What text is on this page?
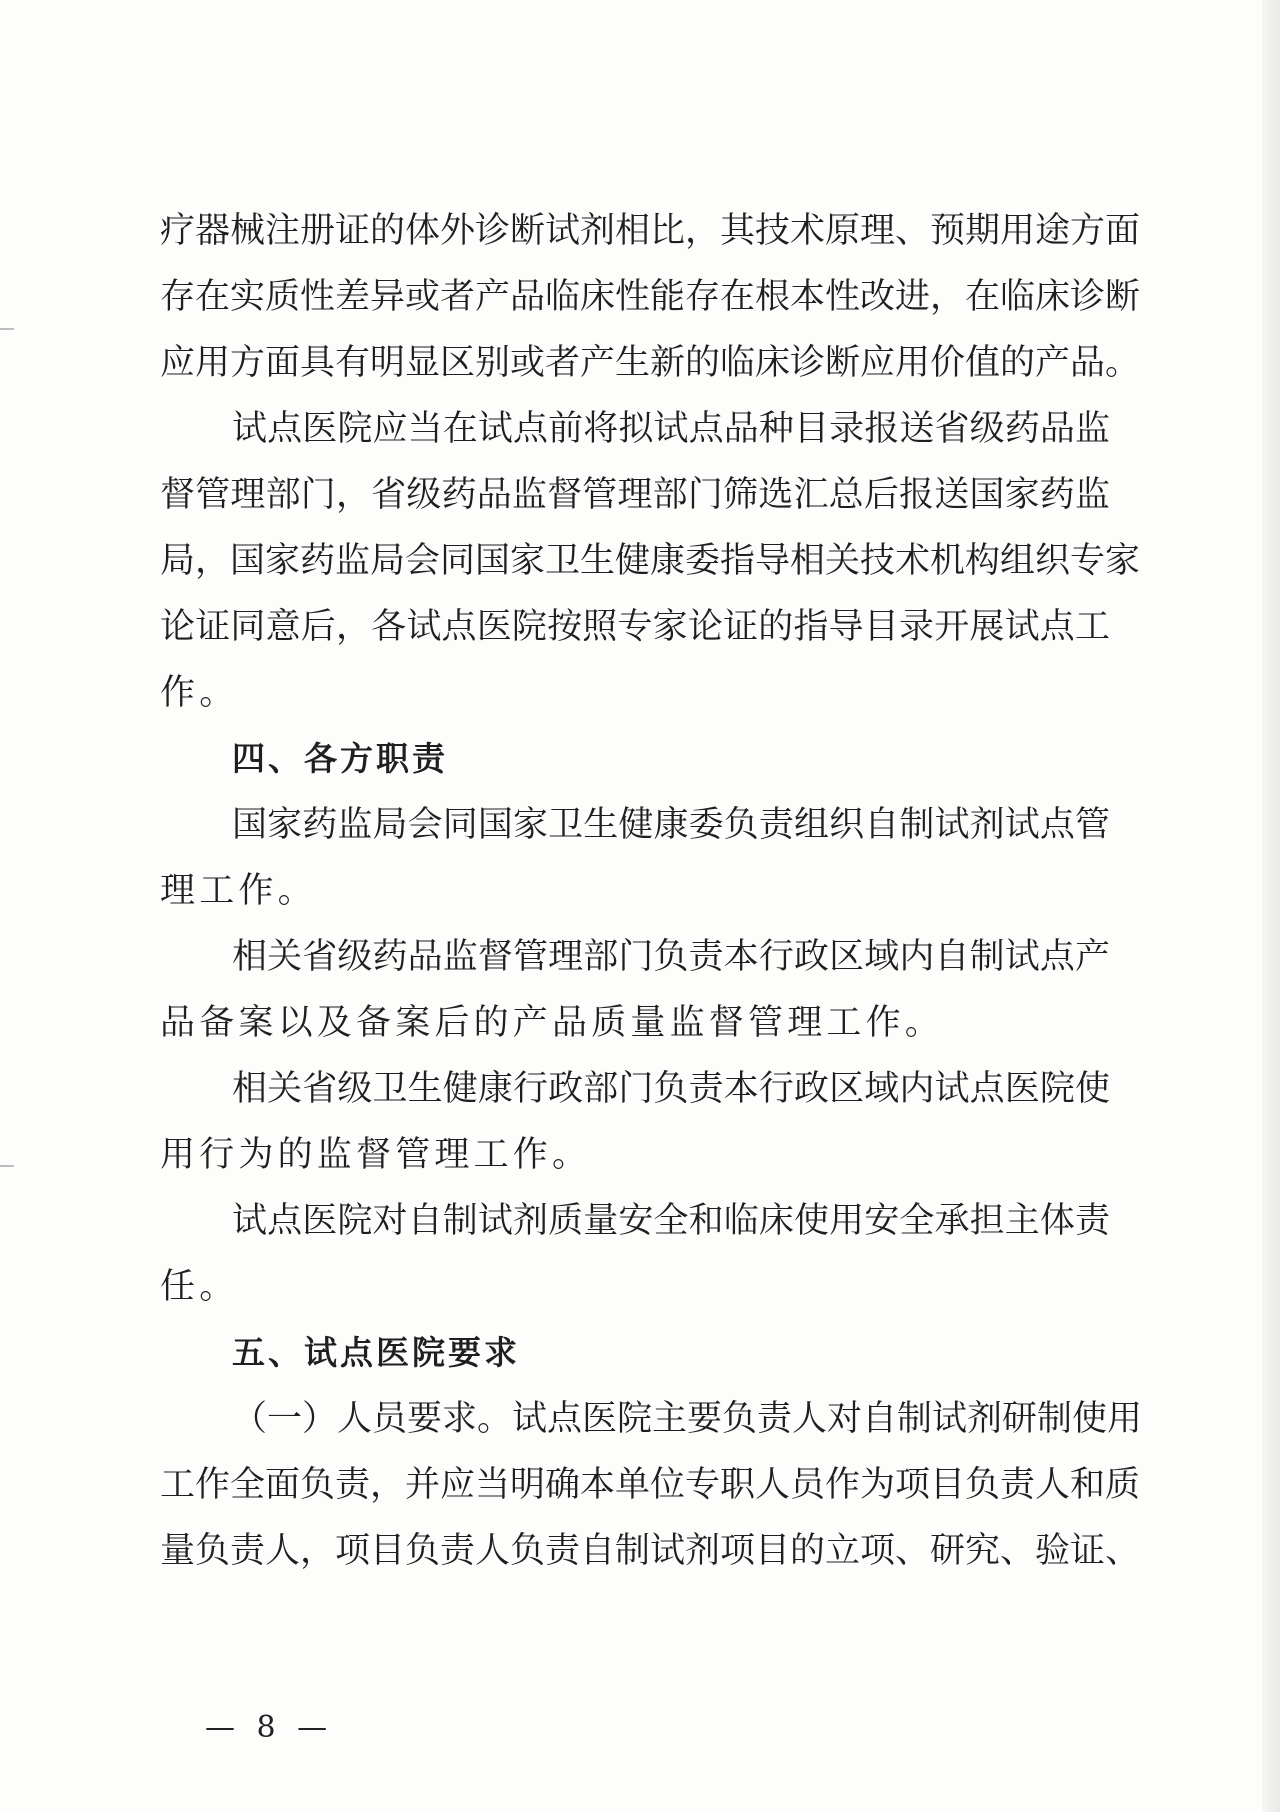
疗器械注册证的体外诊断试剂相比，其技术原理、预期用途方面
存在实质性差异或者产品临床性能存在根本性改进，在临床诊断
应用方面具有明显区别或者产生新的临床诊断应用价值的产品。
试点医院应当在试点前将拟试点品种目录报送省级药品监
督管理部门，省级药品监督管理部门筛选汇总后报送国家药监
局，国家药监局会同国家卫生健康委指导相关技术机构组织专家
论证同意后，各试点医院按照专家论证的指导目录开展试点工
作。
四、各方职责
国家药监局会同国家卫生健康委负责组织自制试剂试点管
理工作。
相关省级药品监督管理部门负责本行政区域内自制试点产
品备案以及备案后的产品质量监督管理工作。
相关省级卫生健康行政部门负责本行政区域内试点医院使
用行为的监督管理工作。
试点医院对自制试剂质量安全和临床使用安全承担主体责
任。
五、试点医院要求
（一）人员要求。试点医院主要负责人对自制试剂研制使用
工作全面负责，并应当明确本单位专职人员作为项目负责人和质
量负责人，项目负责人负责自制试剂项目的立项、研究、验证、
— 8 —
